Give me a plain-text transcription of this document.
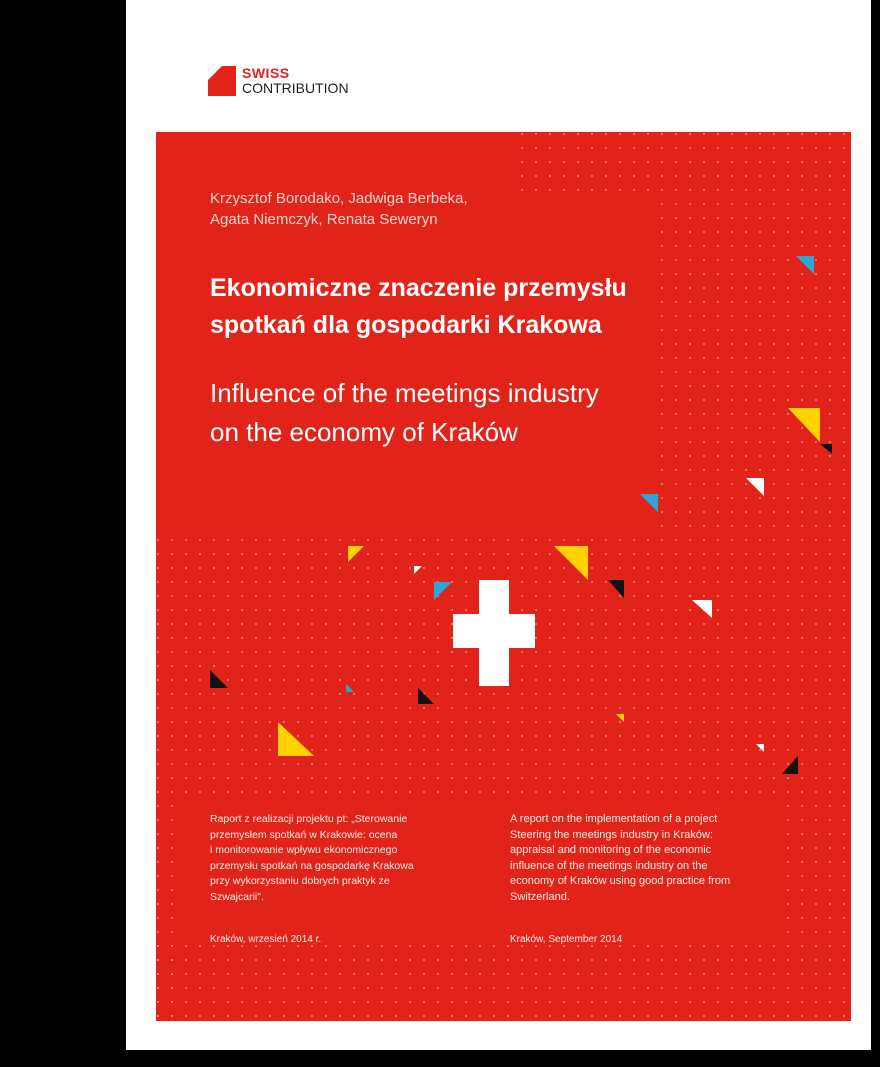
SWISS
CONTRIBUTION
Krzysztof Borodako, Jadwiga Berbeka,
Agata Niemczyk, Renata Seweryn
Ekonomiczne znaczenie przemysłu
spotkań dla gospodarki Krakowa
Influence of the meetings industry
on the economy of Kraków
Raport z realizacji projektu pt: „Sterowanie
przemysłem spotkań w Krakowie: ocena
i monitorowanie wpływu ekonomicznego
przemysłu spotkań na gospodarkę Krakowa
przy wykorzystaniu dobrych praktyk ze
Szwajcarii".
A report on the implementation of a project
Steering the meetings industry in Kraków:
appraisal and monitoring of the economic
influence of the meetings industry on the
economy of Kraków using good practice from
Switzerland.
Kraków, wrzesień 2014 r.	Kraków, September 2014
